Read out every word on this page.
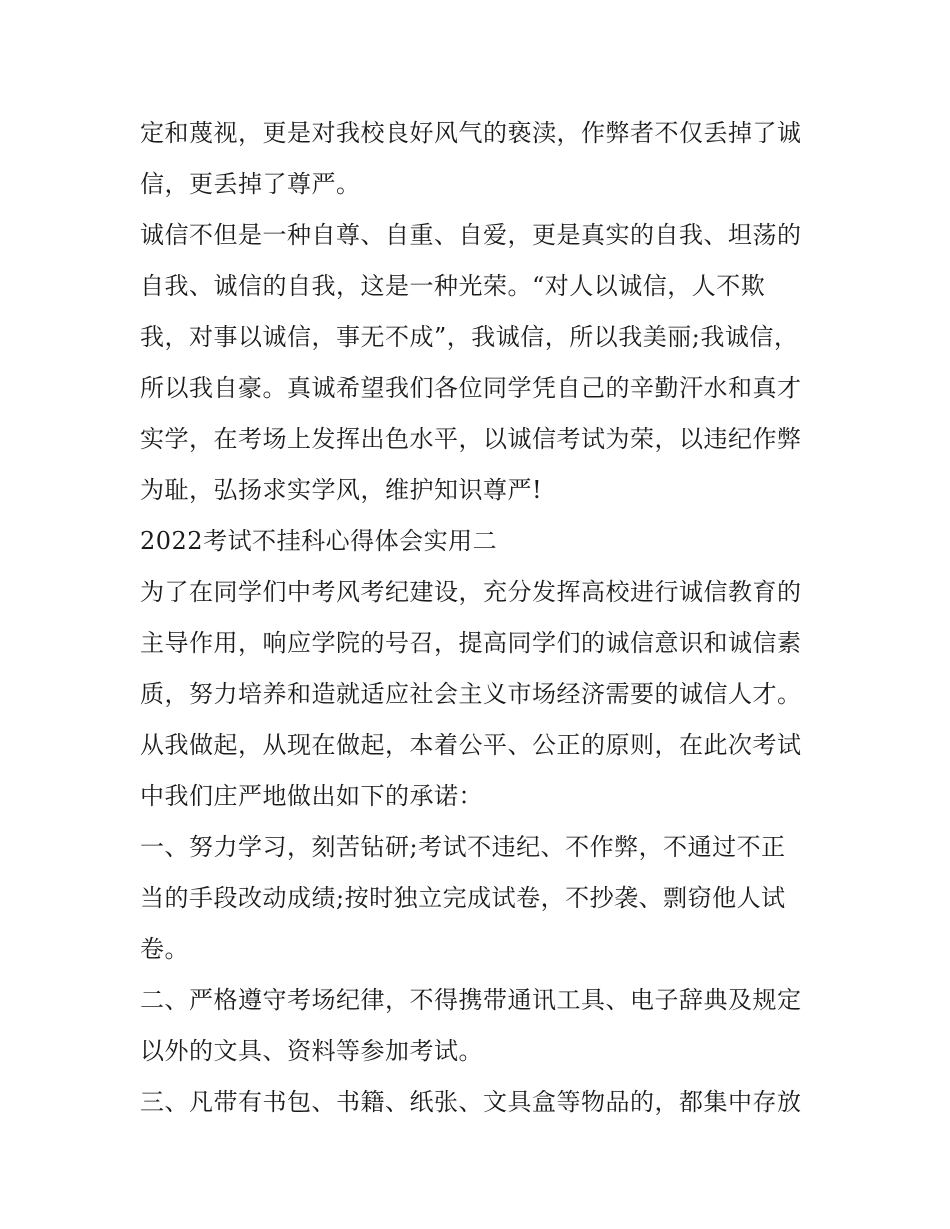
定和蔑视，更是对我校良好风气的亵渎，作弊者不仅丢掉了诚
信，更丢掉了尊严。
诚信不但是一种自尊、自重、自爱，更是真实的自我、坦荡的
自我、诚信的自我，这是一种光荣。“对人以诚信，人不欺
我，对事以诚信，事无不成”，我诚信，所以我美丽;我诚信，
所以我自豪。真诚希望我们各位同学凭自己的辛勤汗水和真才
实学，在考场上发挥出色水平，以诚信考试为荣，以违纪作弊
为耻，弘扬求实学风，维护知识尊严!
2022考试不挂科心得体会实用二
为了在同学们中考风考纪建设，充分发挥高校进行诚信教育的
主导作用，响应学院的号召，提高同学们的诚信意识和诚信素
质，努力培养和造就适应社会主义市场经济需要的诚信人才。
从我做起，从现在做起，本着公平、公正的原则，在此次考试
中我们庄严地做出如下的承诺：
一、努力学习，刻苦钻研;考试不违纪、不作弊，不通过不正
当的手段改动成绩;按时独立完成试卷，不抄袭、剽窃他人试
卷。
二、严格遵守考场纪律，不得携带通讯工具、电子辞典及规定
以外的文具、资料等参加考试。
三、凡带有书包、书籍、纸张、文具盒等物品的，都集中存放
